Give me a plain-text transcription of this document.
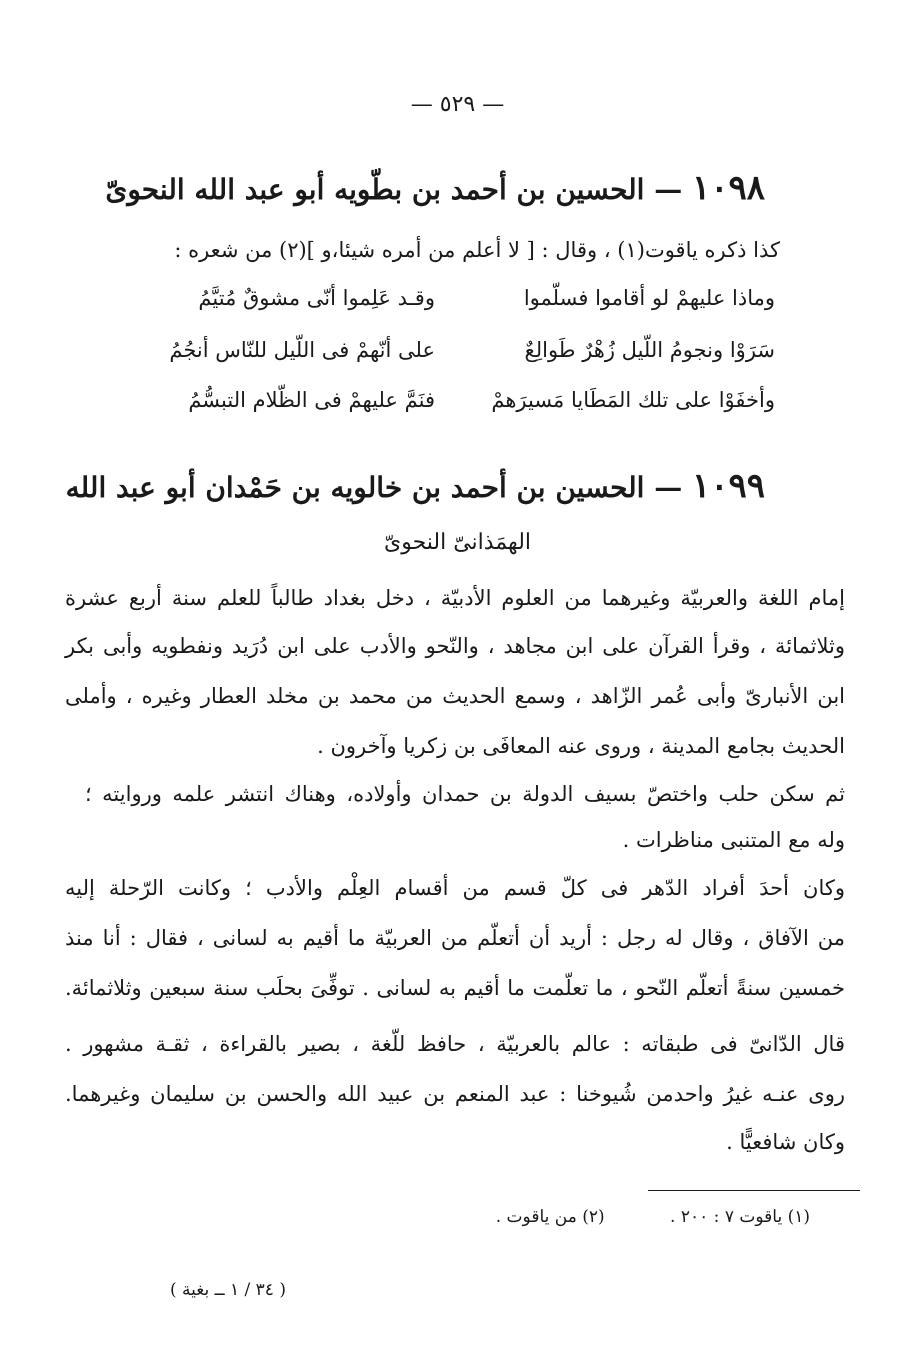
— ٥٢٩ —
١٠٩٨ — الحسين بن أحمد بن بطّويه أبو عبد الله النحوىّ
كذا ذكره ياقوت(١) ، وقال : [ لا أعلم من أمره شيئا،و ](٢) من شعره :
وماذا عليهمْ لو أقاموا فسلّموا
وقـد عَلِموا أنّى مشوقٌ مُتيَّمُ
سَرَوْا ونجومُ اللّيل زُهْرٌ طَوالِعٌ
على أنّهمْ فى اللّيل للنّاس أنجُمُ
وأخفَوْا على تلك المَطَايا مَسيرَهمْ
فنَمَّ عليهمْ فى الظّلام التبسُّمُ
١٠٩٩ — الحسين بن أحمد بن خالويه بن حَمْدان أبو عبد الله
الهمَذانىّ النحوىّ
إمام اللغة والعربيّة وغيرهما من العلوم الأدبيّة ، دخل بغداد طالباً للعلم سنة أربع عشرة
وثلاثمائة ، وقرأ القرآن على ابن مجاهد ، والنّحو والأدب على ابن دُرَيد ونفطويه وأبى بكر
ابن الأنبارىّ وأبى عُمر الزّاهد ، وسمع الحديث من محمد بن مخلد العطار وغيره ، وأملى
الحديث بجامع المدينة ، وروى عنه المعافَى بن زكريا وآخرون .
ثم سكن حلب واختصّ بسيف الدولة بن حمدان وأولاده، وهناك انتشر علمه وروايته ؛
وله مع المتنبى مناظرات .
وكان أحدَ أفراد الدّهر فى كلّ قسم من أقسام العِلْم والأدب ؛ وكانت الرّحلة إليه
من الآفاق ، وقال له رجل : أريد أن أتعلّم من العربيّة ما أقيم به لسانى ، فقال : أنا منذ
خمسين سنةً أتعلّم النّحو ، ما تعلّمت ما أقيم به لسانى . توفِّىَ بحلَب سنة سبعين وثلاثمائة.
قال الدّانىّ فى طبقاته : عالم بالعربيّة ، حافظ للّغة ، بصير بالقراءة ، ثقـة مشهور .
روى عنـه غيرُ واحدمن شُيوخنا : عبد المنعم بن عبيد الله والحسن بن سليمان وغيرهما.
وكان شافعيًّا .
(١) ياقوت ٧ : ٢٠٠ . (٢) من ياقوت .
( ٣٤ / ١ ــ بغية )
